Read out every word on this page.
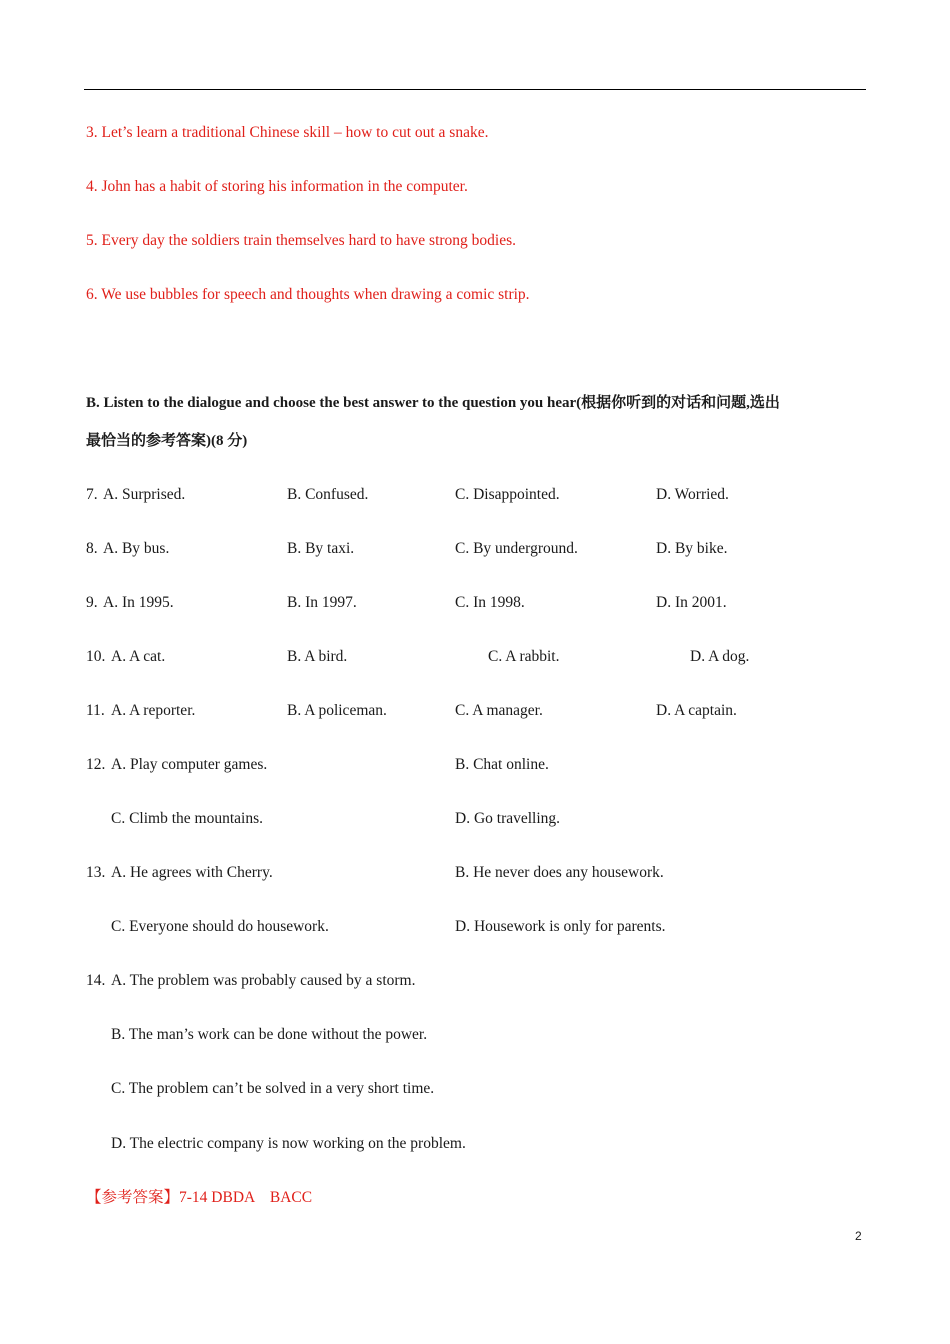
3. Let’s learn a traditional Chinese skill – how to cut out a snake.
4. John has a habit of storing his information in the computer.
5. Every day the soldiers train themselves hard to have strong bodies.
6. We use bubbles for speech and thoughts when drawing a comic strip.
B. Listen to the dialogue and choose the best answer to the question you hear(根据你听到的对话和问题,选出
最恰当的参考答案)(8 分)
7. A. Surprised.	B. Confused.	C. Disappointed.	D. Worried.
8. A. By bus.	B. By taxi.	C. By underground.	D. By bike.
9. A. In 1995.	B. In 1997.	C. In 1998.	D. In 2001.
10. A. A cat.	B. A bird.	C. A rabbit.	D. A dog.
11. A. A reporter.	B. A policeman.	C. A manager.	D. A captain.
12. A. Play computer games.	B. Chat online.
C. Climb the mountains.	D. Go travelling.
13. A. He agrees with Cherry.	B. He never does any housework.
C. Everyone should do housework.	D. Housework is only for parents.
14. A. The problem was probably caused by a storm.
B. The man’s work can be done without the power.
C. The problem can’t be solved in a very short time.
D. The electric company is now working on the problem.
【参考答案】7-14 DBDA　BACC
2
